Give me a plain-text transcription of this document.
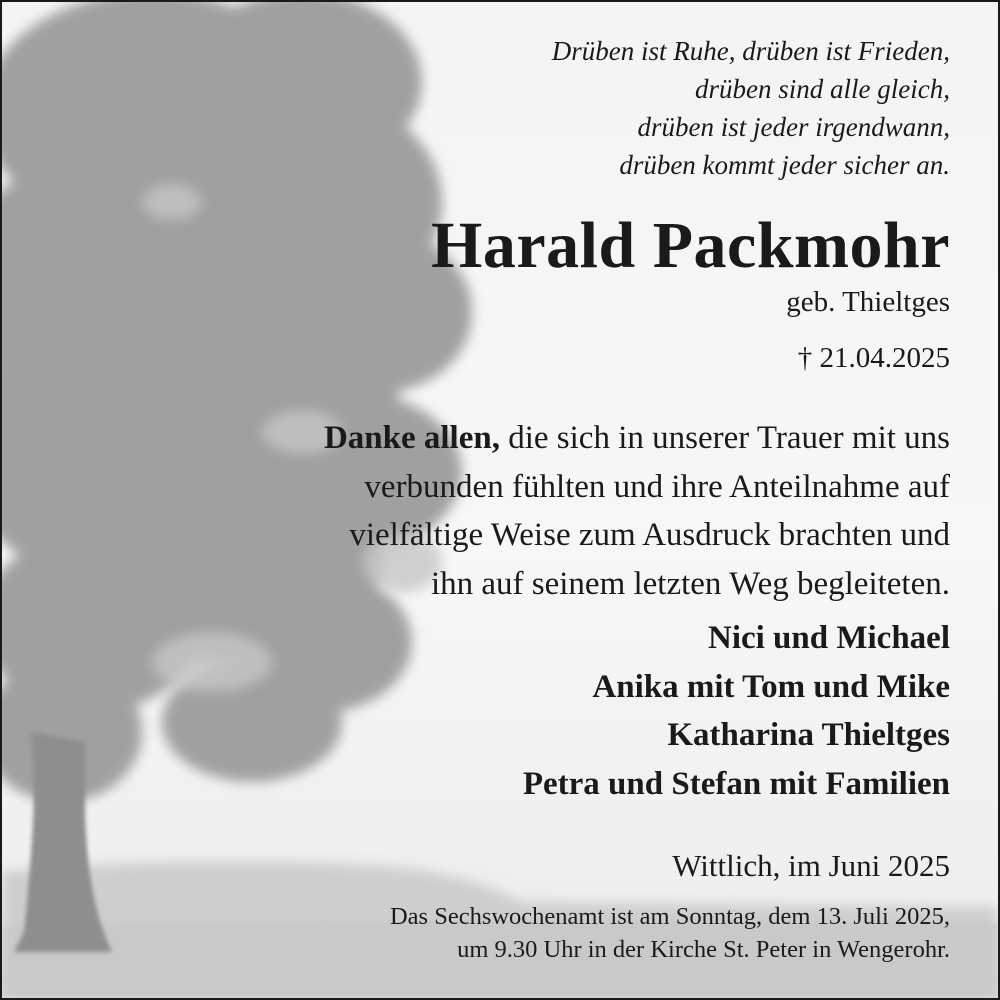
Drüben ist Ruhe, drüben ist Frieden,
drüben sind alle gleich,
drüben ist jeder irgendwann,
drüben kommt jeder sicher an.
Harald Packmohr
geb. Thieltges
† 21.04.2025
Danke allen, die sich in unserer Trauer mit uns
verbunden fühlten und ihre Anteilnahme auf
vielfältige Weise zum Ausdruck brachten und
ihn auf seinem letzten Weg begleiteten.
Nici und Michael
Anika mit Tom und Mike
Katharina Thieltges
Petra und Stefan mit Familien
Wittlich, im Juni 2025
Das Sechswochenamt ist am Sonntag, dem 13. Juli 2025,
um 9.30 Uhr in der Kirche St. Peter in Wengerohr.
